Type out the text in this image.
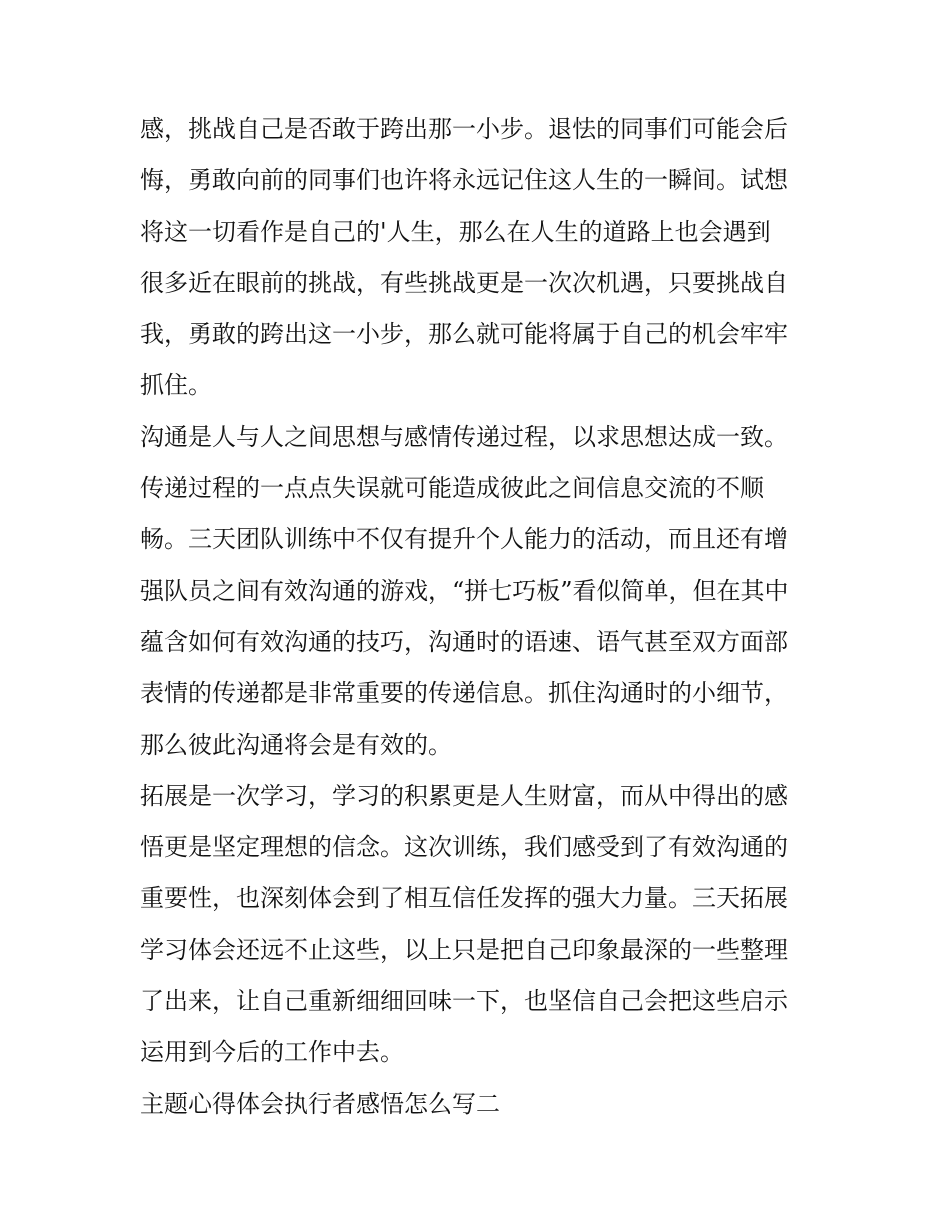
感，挑战自己是否敢于跨出那一小步。退怯的同事们可能会后
悔，勇敢向前的同事们也许将永远记住这人生的一瞬间。试想
将这一切看作是自己的'人生，那么在人生的道路上也会遇到
很多近在眼前的挑战，有些挑战更是一次次机遇，只要挑战自
我，勇敢的跨出这一小步，那么就可能将属于自己的机会牢牢
抓住。
沟通是人与人之间思想与感情传递过程，以求思想达成一致。
传递过程的一点点失误就可能造成彼此之间信息交流的不顺
畅。三天团队训练中不仅有提升个人能力的活动，而且还有增
强队员之间有效沟通的游戏，“拼七巧板”看似简单，但在其中
蕴含如何有效沟通的技巧，沟通时的语速、语气甚至双方面部
表情的传递都是非常重要的传递信息。抓住沟通时的小细节，
那么彼此沟通将会是有效的。
拓展是一次学习，学习的积累更是人生财富，而从中得出的感
悟更是坚定理想的信念。这次训练，我们感受到了有效沟通的
重要性，也深刻体会到了相互信任发挥的强大力量。三天拓展
学习体会还远不止这些，以上只是把自己印象最深的一些整理
了出来，让自己重新细细回味一下，也坚信自己会把这些启示
运用到今后的工作中去。
主题心得体会执行者感悟怎么写二
